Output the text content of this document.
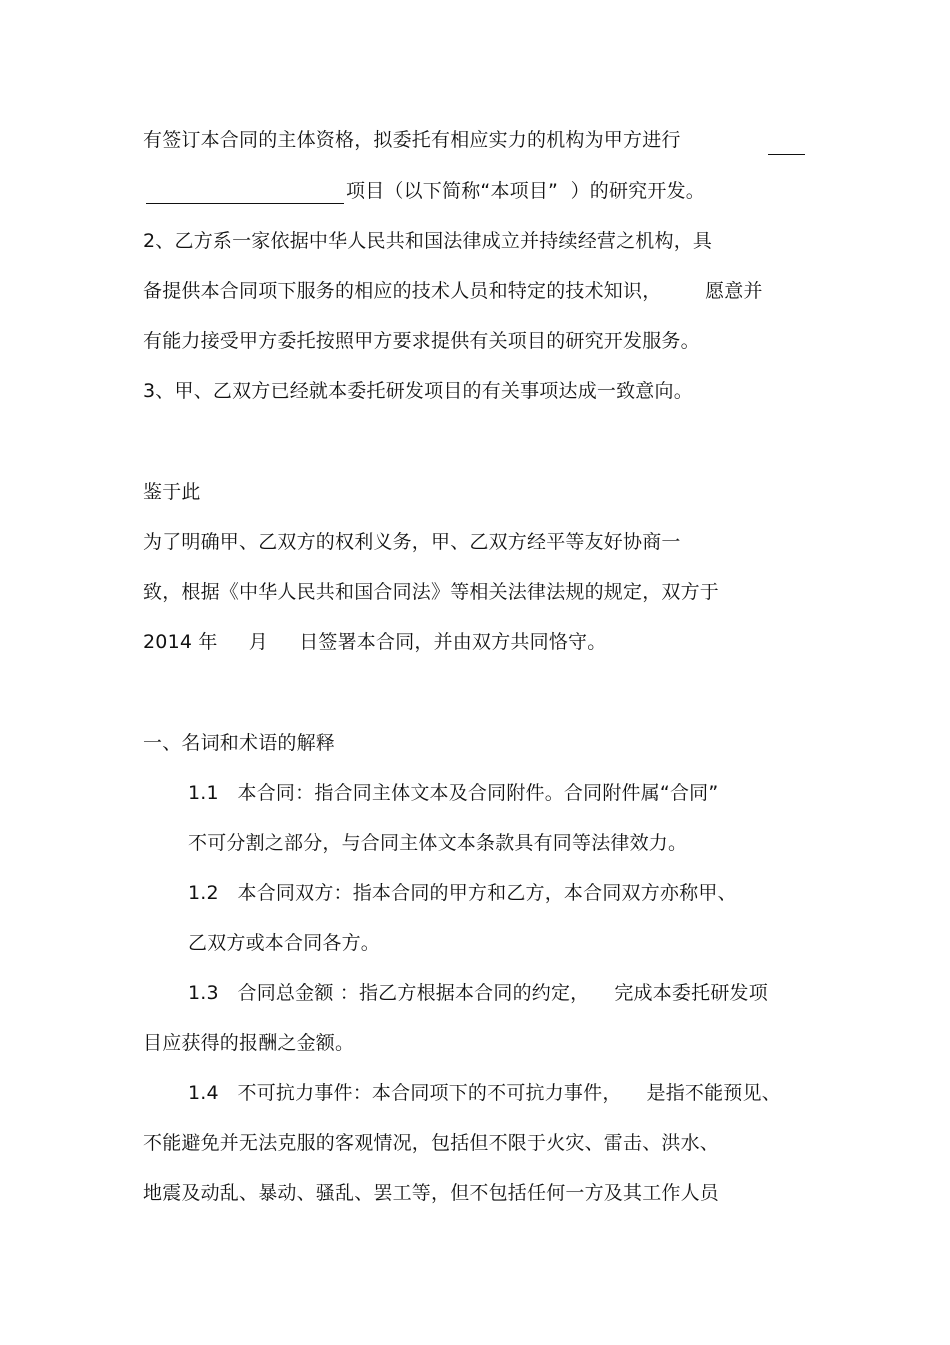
有签订本合同的主体资格，拟委托有相应实力的机构为甲方进行
项目（以下简称“本项目”  ）的研究开发。
2、乙方系一家依据中华人民共和国法律成立并持续经营之机构，具
备提供本合同项下服务的相应的技术人员和特定的技术知识，       愿意并
有能力接受甲方委托按照甲方要求提供有关项目的研究开发服务。
3、甲、乙双方已经就本委托研发项目的有关事项达成一致意向。
鉴于此
为了明确甲、乙双方的权利义务，甲、乙双方经平等友好协商一
致，根据《中华人民共和国合同法》等相关法律法规的规定，双方于
2014 年     月     日签署本合同，并由双方共同恪守。
一、名词和术语的解释
1.1   本合同：指合同主体文本及合同附件。合同附件属“合同”
不可分割之部分，与合同主体文本条款具有同等法律效力。
1.2   本合同双方：指本合同的甲方和乙方，本合同双方亦称甲、
乙双方或本合同各方。
1.3   合同总金额 ：指乙方根据本合同的约定，    完成本委托研发项
目应获得的报酬之金额。
1.4   不可抗力事件：本合同项下的不可抗力事件，    是指不能预见、
不能避免并无法克服的客观情况，包括但不限于火灾、雷击、洪水、
地震及动乱、暴动、骚乱、罢工等，但不包括任何一方及其工作人员
